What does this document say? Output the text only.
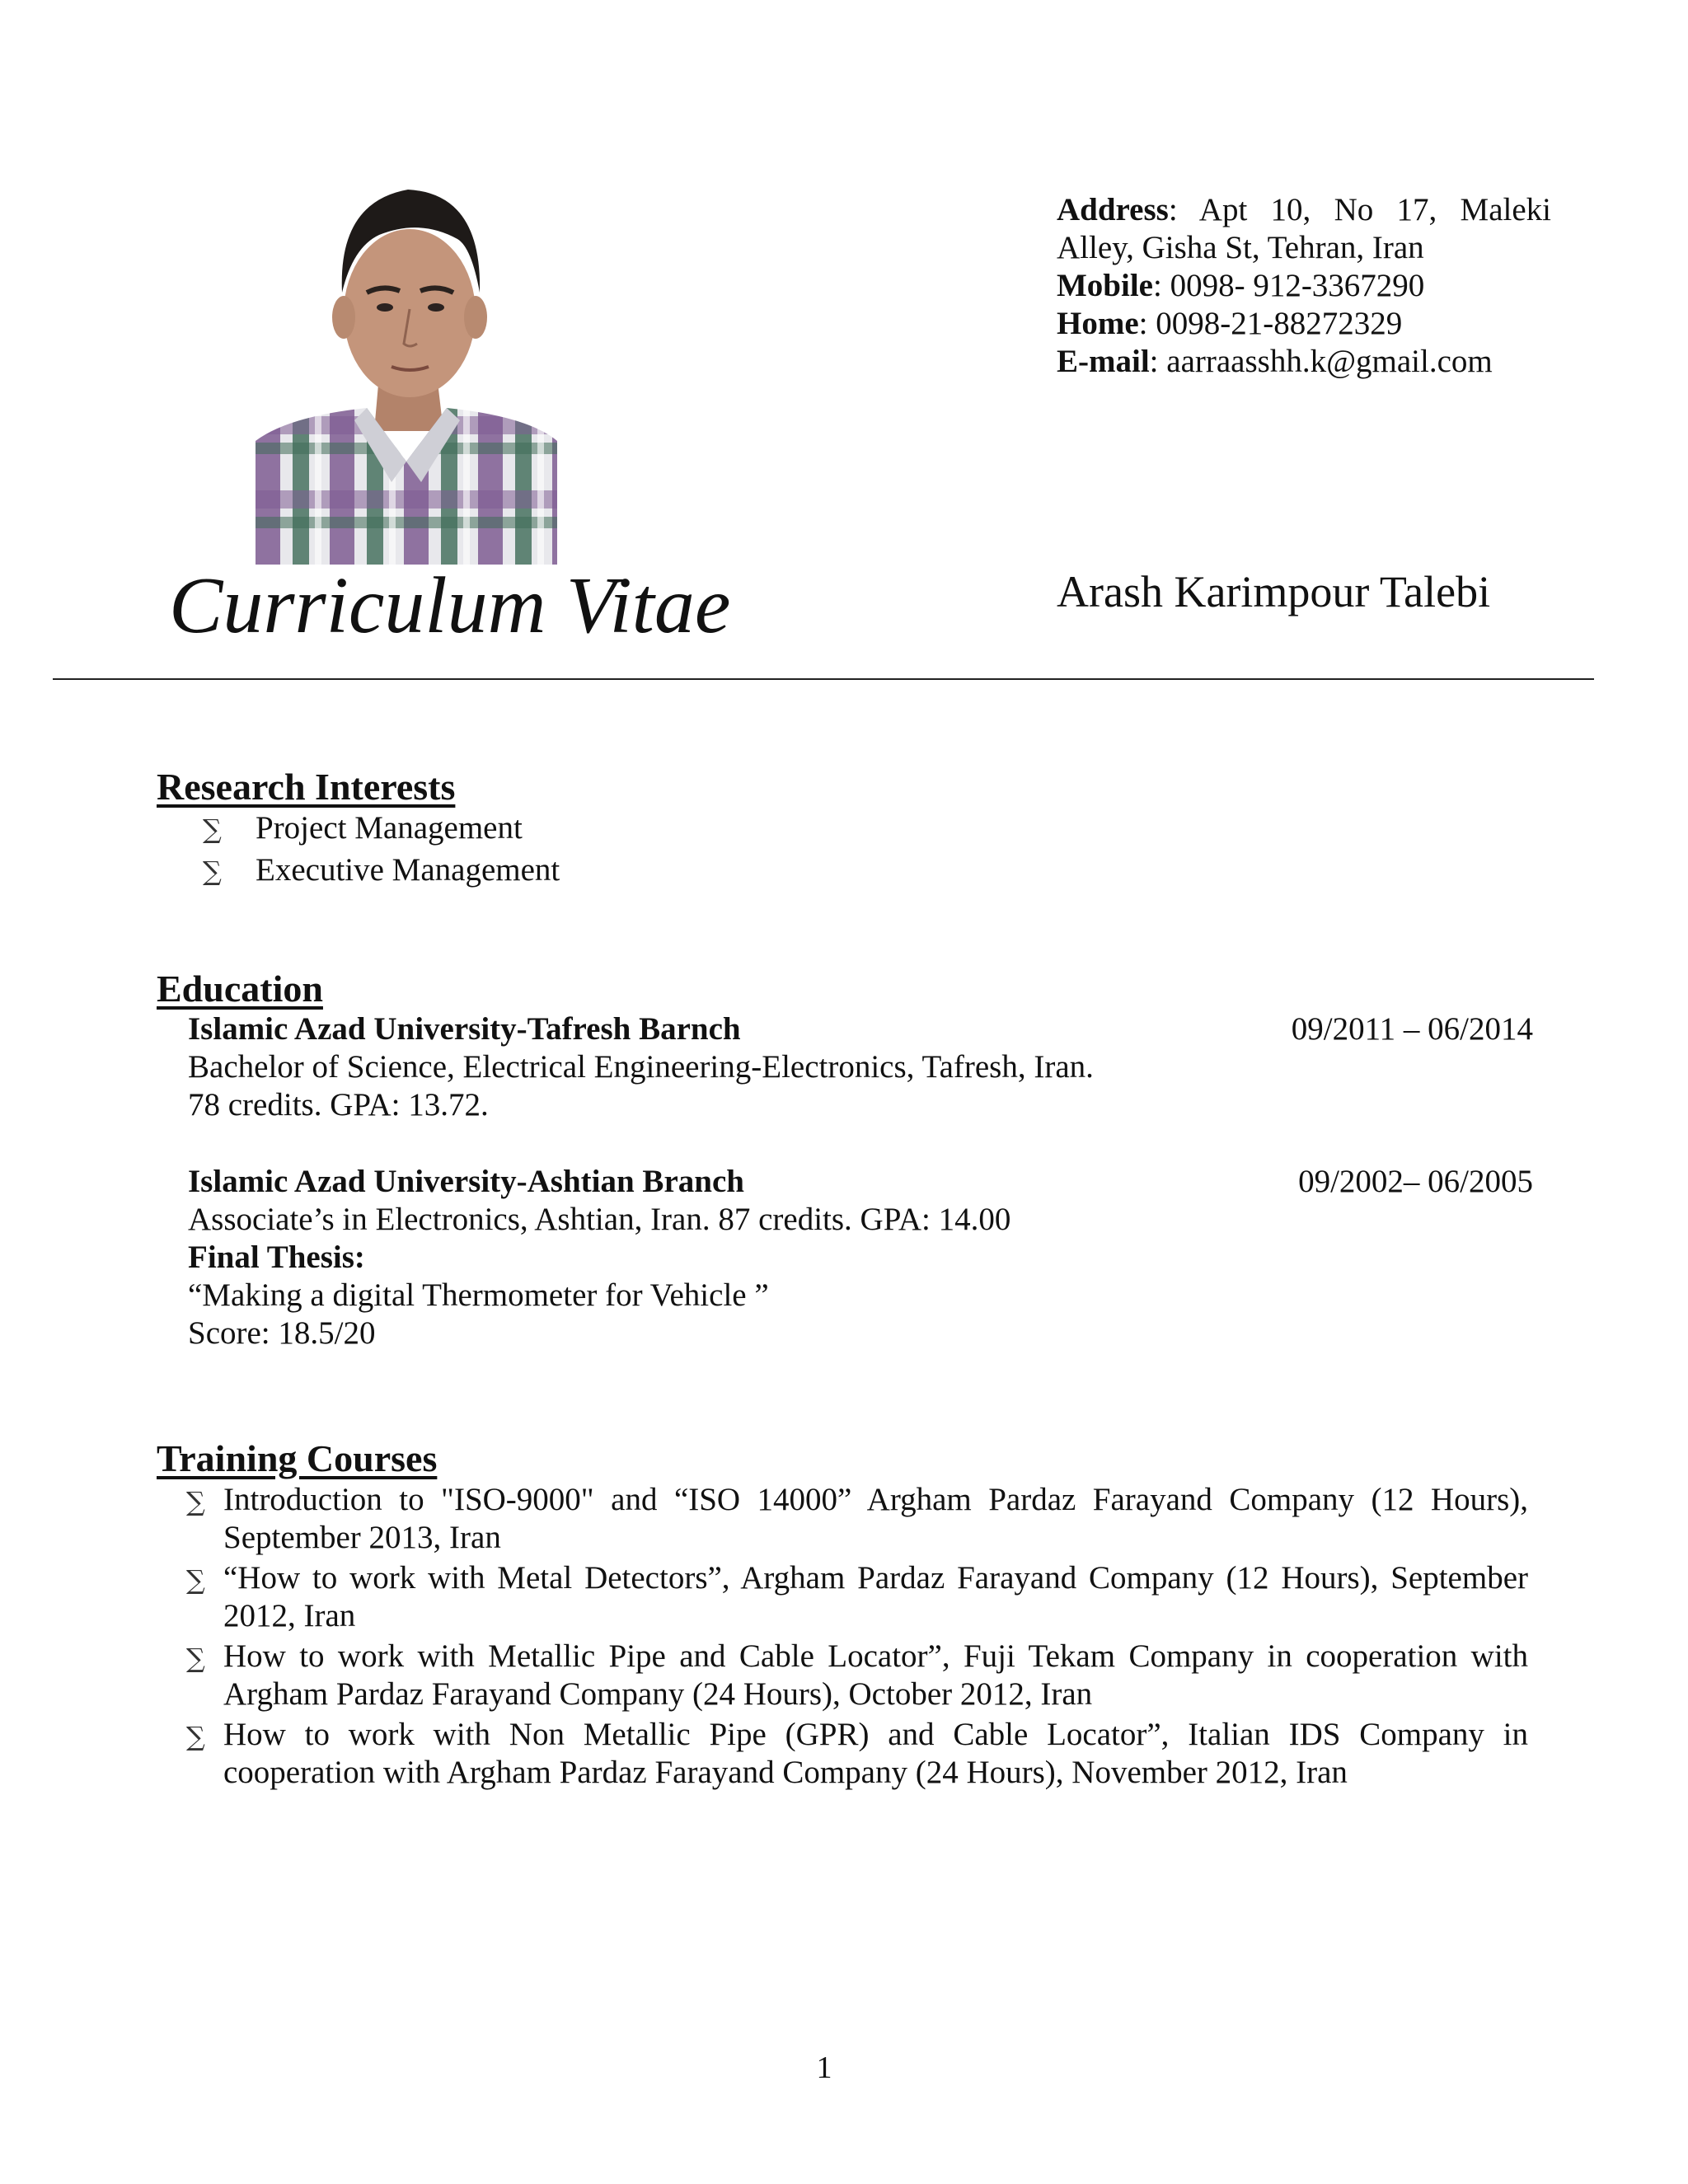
Address: Apt 10, No 17, Maleki
Alley, Gisha St, Tehran, Iran
Mobile: 0098- 912-3367290
Home: 0098-21-88272329
E-mail: aarraasshh.k@gmail.com
Curriculum Vitae	Arash Karimpour Talebi
Research Interests
∑	Project Management
∑	Executive Management
Education
Islamic Azad University-Tafresh Barnch	09/2011 – 06/2014
Bachelor of Science, Electrical Engineering-Electronics, Tafresh, Iran.
78 credits. GPA: 13.72.
Islamic Azad University-Ashtian Branch	09/2002– 06/2005
Associate’s in Electronics, Ashtian, Iran. 87 credits. GPA: 14.00
Final Thesis:
“Making a digital Thermometer for Vehicle ”
Score: 18.5/20
Training Courses
∑ Introduction to "ISO-9000" and “ISO 14000” Argham Pardaz Farayand Company (12 Hours), September 2013, Iran
∑ “How to work with Metal Detectors”, Argham Pardaz Farayand Company (12 Hours), September 2012, Iran
∑ How to work with Metallic Pipe and Cable Locator”, Fuji Tekam Company in cooperation with Argham Pardaz Farayand Company (24 Hours), October 2012, Iran
∑ How to work with Non Metallic Pipe (GPR) and Cable Locator”, Italian IDS Company in cooperation with Argham Pardaz Farayand Company (24 Hours), November 2012, Iran
1
